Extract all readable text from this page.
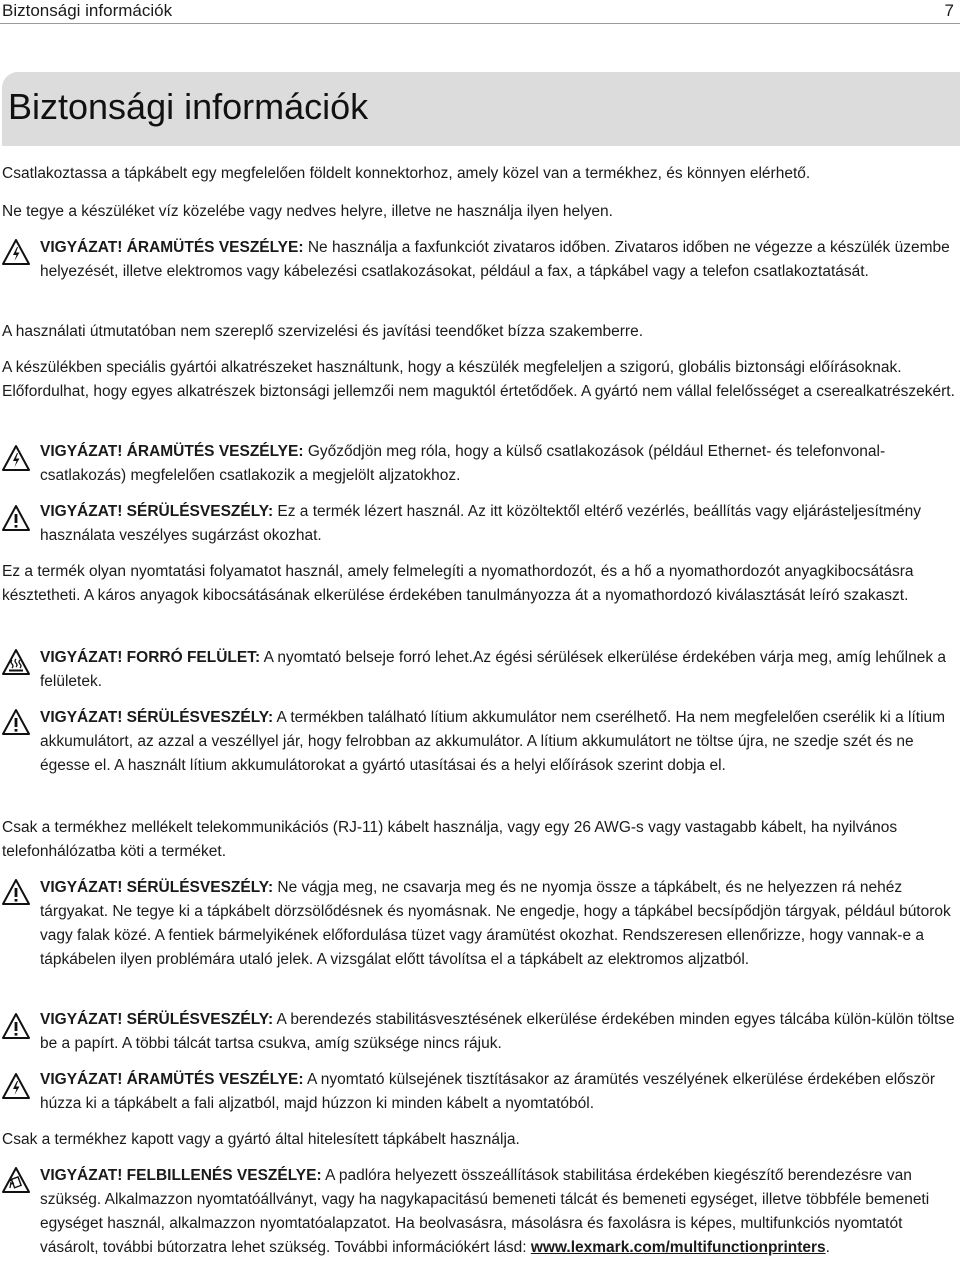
Biztonsági információk	7
Biztonsági információk

Csatlakoztassa a tápkábelt egy megfelelően földelt konnektorhoz, amely közel van a termékhez, és könnyen elérhető.

Ne tegye a készüléket víz közelébe vagy nedves helyre, illetve ne használja ilyen helyen.

VIGYÁZAT! ÁRAMÜTÉS VESZÉLYE: Ne használja a faxfunkciót zivataros időben. Zivataros időben ne végezze a készülék üzembe helyezését, illetve elektromos vagy kábelezési csatlakozásokat, például a fax, a tápkábel vagy a telefon csatlakoztatását.

A használati útmutatóban nem szereplő szervizelési és javítási teendőket bízza szakemberre.

A készülékben speciális gyártói alkatrészeket használtunk, hogy a készülék megfeleljen a szigorú, globális biztonsági előírásoknak. Előfordulhat, hogy egyes alkatrészek biztonsági jellemzői nem maguktól értetődőek. A gyártó nem vállal felelősséget a cserealkatrészekért.

VIGYÁZAT! ÁRAMÜTÉS VESZÉLYE: Győződjön meg róla, hogy a külső csatlakozások (például Ethernet- és telefonvonal-csatlakozás) megfelelően csatlakozik a megjelölt aljzatokhoz.

VIGYÁZAT! SÉRÜLÉSVESZÉLY: Ez a termék lézert használ. Az itt közöltektől eltérő vezérlés, beállítás vagy eljárásteljesítmény használata veszélyes sugárzást okozhat.

Ez a termék olyan nyomtatási folyamatot használ, amely felmelegíti a nyomathordozót, és a hő a nyomathordozót anyagkibocsátásra késztetheti. A káros anyagok kibocsátásának elkerülése érdekében tanulmányozza át a nyomathordozó kiválasztását leíró szakaszt.

VIGYÁZAT! FORRÓ FELÜLET: A nyomtató belseje forró lehet.Az égési sérülések elkerülése érdekében várja meg, amíg lehűlnek a felületek.

VIGYÁZAT! SÉRÜLÉSVESZÉLY: A termékben található lítium akkumulátor nem cserélhető. Ha nem megfelelően cserélik ki a lítium akkumulátort, az azzal a veszéllyel jár, hogy felrobban az akkumulátor. A lítium akkumulátort ne töltse újra, ne szedje szét és ne égesse el. A használt lítium akkumulátorokat a gyártó utasításai és a helyi előírások szerint dobja el.

Csak a termékhez mellékelt telekommunikációs (RJ-11) kábelt használja, vagy egy 26 AWG-s vagy vastagabb kábelt, ha nyilvános telefonhálózatba köti a terméket.

VIGYÁZAT! SÉRÜLÉSVESZÉLY: Ne vágja meg, ne csavarja meg és ne nyomja össze a tápkábelt, és ne helyezzen rá nehéz tárgyakat. Ne tegye ki a tápkábelt dörzsölődésnek és nyomásnak. Ne engedje, hogy a tápkábel becsípődjön tárgyak, például bútorok vagy falak közé. A fentiek bármelyikének előfordulása tüzet vagy áramütést okozhat. Rendszeresen ellenőrizze, hogy vannak-e a tápkábelen ilyen problémára utaló jelek. A vizsgálat előtt távolítsa el a tápkábelt az elektromos aljzatból.

VIGYÁZAT! SÉRÜLÉSVESZÉLY: A berendezés stabilitásvesztésének elkerülése érdekében minden egyes tálcába külön-külön töltse be a papírt. A többi tálcát tartsa csukva, amíg szüksége nincs rájuk.

VIGYÁZAT! ÁRAMÜTÉS VESZÉLYE: A nyomtató külsejének tisztításakor az áramütés veszélyének elkerülése érdekében először húzza ki a tápkábelt a fali aljzatból, majd húzzon ki minden kábelt a nyomtatóból.

Csak a termékhez kapott vagy a gyártó által hitelesített tápkábelt használja.

VIGYÁZAT! FELBILLENÉS VESZÉLYE: A padlóra helyezett összeállítások stabilitása érdekében kiegészítő berendezésre van szükség. Alkalmazzon nyomtatóállványt, vagy ha nagykapacitású bemeneti tálcát és bemeneti egységet, illetve többféle bemeneti egységet használ, alkalmazzon nyomtatóalapzatot. Ha beolvasásra, másolásra és faxolásra is képes, multifunkciós nyomtatót vásárolt, további bútorzatra lehet szükség. További információkért lásd: www.lexmark.com/multifunctionprinters.
